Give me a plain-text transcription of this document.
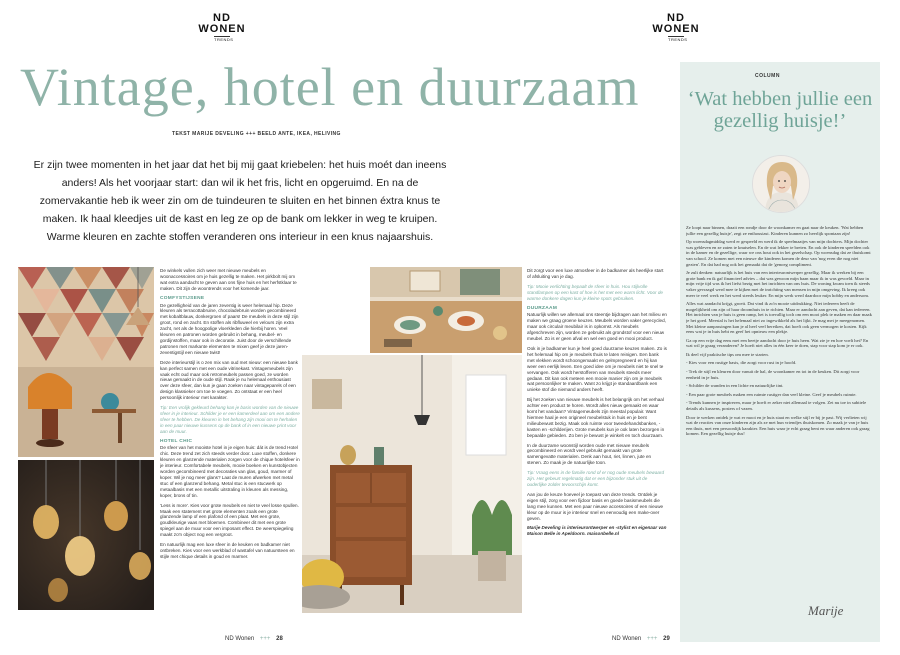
ND WONEN
TRENDS
Vintage, hotel en duurzaam
TEKST MARIJE DEVELING +++ BEELD ANTE, IKEA, HELIVING
Er zijn twee momenten in het jaar dat het bij mij gaat kriebelen: het huis moét dan ineens anders! Als het voorjaar start: dan wil ik het fris, licht en opgeruimd. En na de zomervakantie heb ik weer zin om de tuindeuren te sluiten en het binnen éxtra knus te maken. Ik haal kleedjes uit de kast en leg ze op de bank om lekker in weg te kruipen. Warme kleuren en zachte stoffen veranderen ons interieur in een knus najaarshuis.

De winkels vullen zich weer met nieuwe meubels en woonaccessoires om je huis gezellig te maken. Het pirkbolt mij om wat extra aandacht te geven aan ons fijne huis en het herfstklaar te maken. Dit zijn de woontrends voor het komende jaar.

COMFYSTIJSENE

De gezelligheid van de jaren zeventig is weer helemaal hip. Deze kleuren als terracottabruine, chocoladebruin worden gecombineerd met kobaltblauw, donkergroen of paars! De meubels in deze stijl zijn groot, rond en zacht. En stoffen als ribfluweel en velours zijn extra zacht, net als de hoogpolige vloerkleden die hierbij horen. Veel kleuren en patronen worden gebruikt in behang, meubel- en gordijnstoffen, maar ook in decoratie. Juist door de verschillende patronen met markante elementen te mixen geef je deze jarenzeventigstijl een nieuwe twist!

Deze interieurstijl is o zen mix van oud met nieuw: een nieuwe bank kan perfect samen met een oude vitrinekast. Vintagemeubels zijn vaak echt oud maar ook retromeubels passen goed, ze worden nieuw gemaakt in de oude stijl. Raak je nu helemaal enthousiast over deze sfeer, dan kun je gaan zoeken naar vintageparels of een design klassieker om toe te voegen. Zo ontstaat er een heel persoonlijk interieur met karakter.

Tip: Een vrolijk gekleurd behang kan je basis worden van de nieuwe sfeer in je interieur. Schilder je er een kamerdeel aan om een andere sfeer te hebben. De kleuren in het behang zijn mooi om te herhalen in een paar nieuwe kussens op de bank of in een nieuwe print voor aan de muur.

HOTEL CHIC

De sfeer van het mooiste hotel in je eigen huis: dát is de trend Hotel chic. Deze trend zet zich steeds verder door. Luxe stoffen, donkere kleuren en glanzende materialen zorgen voor de chique hotelsfeer in je interieur. Comfortabele meubels, mooie boeken en kunstobjecten worden gecombineerd met decoraties van glas, goud, marmer of koper. Wil je nog meer glans? Laat de muren afwerken met metal stuc of een glanzend behang. Metal stuc is een stucwerk op metaalbasis met een metallic uitstraling in kleuren als messing, koper, brons of tin.

'Less is more'. Kies voor grote meubels en niet te veel losse spullen. Maak een statement met grote elementen zoals een grote glanzende lamp of een plafond of een plaat. Met een grote, goudkleurige vaas met bloemen. Combineer dit met een grote spiegel aan de muur voor een imposant effect. De weerspiegeling maakt zo'n object nog een vergroot.

En natuurlijk mag een luxe sfeer in de keuken en badkamer niet ontbreken. Kies voor een werkblad of wastafel van natuursteen en stijle met chique details in goud en marmer.

Dit zorgt voor een luxe atmosfeer in de badkamer als heerlijke start of afsluiting van je dag.

Tip: Mooie verlichting bepaalt de sfeer in huis. Hou stijlvolle standlampen op een kast of hoe is het met een warm licht. Voor de warme donkere dagen kun je kleine spots gebruiken.

DUURZAAM

Natuurlijk willen we allemaal ons steentje bijdragen aan het milieu en maken we graag groene keuzes. Meubels worden vaker gerecycled, maar ook circulair meubilair is in opkomst. Als meubels afgeschreven zijn, worden ze gebruikt als grondstof voor een nieuw meubel. Zo is er geen afval en wel een goed en mooi product.

Ook in je badkamer kun je heel goed duurzame keuzes maken. Zo is het helemaal hip om je meubels thuis te laten reinigen. Een bank met vlekken wordt schoongemaakt en gelmpregneerd en hij kan weer een eerlijk leven. Een goed idee om je meubels niet te snel te vervangen. Ook wordt herstofferen van meubels steeds meer gedaan. Dit kan ook meteen een mooie manier zijn om je meubels wat persoonlijker te maken. Want zo krijgt je standaardbank een unieke stof die niemand anders heeft.

Bij het zoeken van nieuwe meubels is het belangrijk om het verhaal achter een product te horen. Wordt alles nieuw gemaakt en waar komt het vandaan? Vintagemeubels zijn meestal populair. Want hiermee haal je een origineel meubelstuk in huis en je bent milieubewust bezig. Maak ook ruimte voor tweedehandsbanken, -kasten en -schilderijen. Grote meubels kun je ook laten bezorgen in bepaalde gebieden. Zo ben je bewust je winkelt en toch duurzaam.

In de duurzame woonstijl worden oude met nieuwe meubels gecombineerd en wordt veel gebruikt gemaakt van grote samengevatte materialen. Denk aan hout, riet, linnen, jute en stenen. Zo maak je de natuurlijke toon.

Tip: Vraag eens in de familie rond of er nog oude meubels bewaard zijn. Het gebeurt regelmatig dat er een bijzonder stuk uit de ouderlijke zolder tevoorschijn komt.

Aan jou de keuze hoeveel je toepast van deze trends. Ontdek je eigen stijl, zorg voor een fijdoor basis en goede basismeubels die lang mee kunnen. Met een paar nieuwe accessoires of een nieuwe kleur op de muur is je interieur snel en eenvoudig een make-over geven.

Marije Develing is interieurontwerper en -stylist en eigenaar van Maison Belle in Apeldoorn. maisonbelle.nl

ND Wonen +++ 28
ND WONEN
TRENDS
COLUMN
‘Wat hebben jullie een gezellig huisje!’

Ze loopt naar binnen, draait een rondje door de woonkamer en gaat naar de keuken. 'Wat hebben jullie een gezellig huisje', zegt ze enthousiast. Kinderen kunnen zo heerlijk spontaan zijn!

Op woensdagmiddag werd er gespeeld en werd ik de speelmaatjes van mijn dochters. Mijn dochter was gebleven en ze zaten te knutselen. En de wat lekker te breien. En ook de kinderen speelden ook in de kamer en de gezellige, waar we ons hout ook in het gezelschap. Op woensdag dat ze thuiskomt van school. Ze komen met een nieuwe die kinderen komen de deur van 'nog even die nog niet gezien'. En dat had nog ook het gemaakt dat de 'genoeg compliment.

Je zult denken: natuurlijk is het huis van een interieurontwerper gezellig. Maar ik werken bij een grote bank en ik gaf financieel advies – dat was gewoon mijn baan maar ik in was gevoeld. Maar in mijn vrije tijd was ik het liefst bezig met het inrichten van ons huis. De woning kwam toen ik steeds vaker gevraagd werd mee te kijken met de inrichting van mensen in mijn omgeving. Ik kreeg ook meer te veel werk en het werd steeds leuker. En mijn werk werd daardoor mijn hobby en andersom.

Alles wat aandacht krijgt, groeit. Dat vind ik zo'n mooie uitdrukking. Niet iedereen heeft de mogelijkheid om zijn of haar droomhuis in te richten. Maar er aandacht aan geven, dat kan iedereen. Het inrichten van je huis is geen ramp, het is toevallig toch om een mooi plek te maken en daar maak je het goed. Meestal is het helemaal niet zo ingewikkeld als het lijkt. Je mag met je meegenomen. Met kleine aanpassingen kan je al heel veel bereiken, dat hoeft ook geen vermogen te kosten. Kijk eens wat je in huis hebt en geef het opnieuw een plekje.

Ga op een vrije dag eens met een beetje aandacht door je huis heen. Wat zie je en hoe voelt het? En wat wil je graag veranderen? Je hoeft niet alles in één keer te doen, stap voor stap kom je er ook.

Ik deel vijf praktische tips om mee te starten.

- Kies voor een rustige basis, die zorgt voor rust in je hoofd.

- Trek de stijl en kleuren door vanuit de hal, de woonkamer en tot in de keuken. Dit zorgt voor eenheid in je huis.

- Schilder de wanden in een lichte en natuurlijke tint.

- Een paar grote meubels maken een ruimte rustiger dan veel kleine. Geef je meubels ruimte.

- Trends kunnen je inspireren, maar je hoeft er zeker niet allemaal te volgen. Zet nu toe in subtiele details als kussens, posters of vazen.

Door te werken ontdek je wat er mooi en je huis staat en welke stijl er bij je past. Wij verlieten wij wat de reacties van onze kinderen zijn als ze met hun vriendjes thuiskomen. Zo maak je van je huis een thuis, met een persoonlijk karakter. Een huis waar je echt graag bent en waar anderen ook graag komen. Een gezellig huisje dus!

Marije
ND Wonen +++ 29
